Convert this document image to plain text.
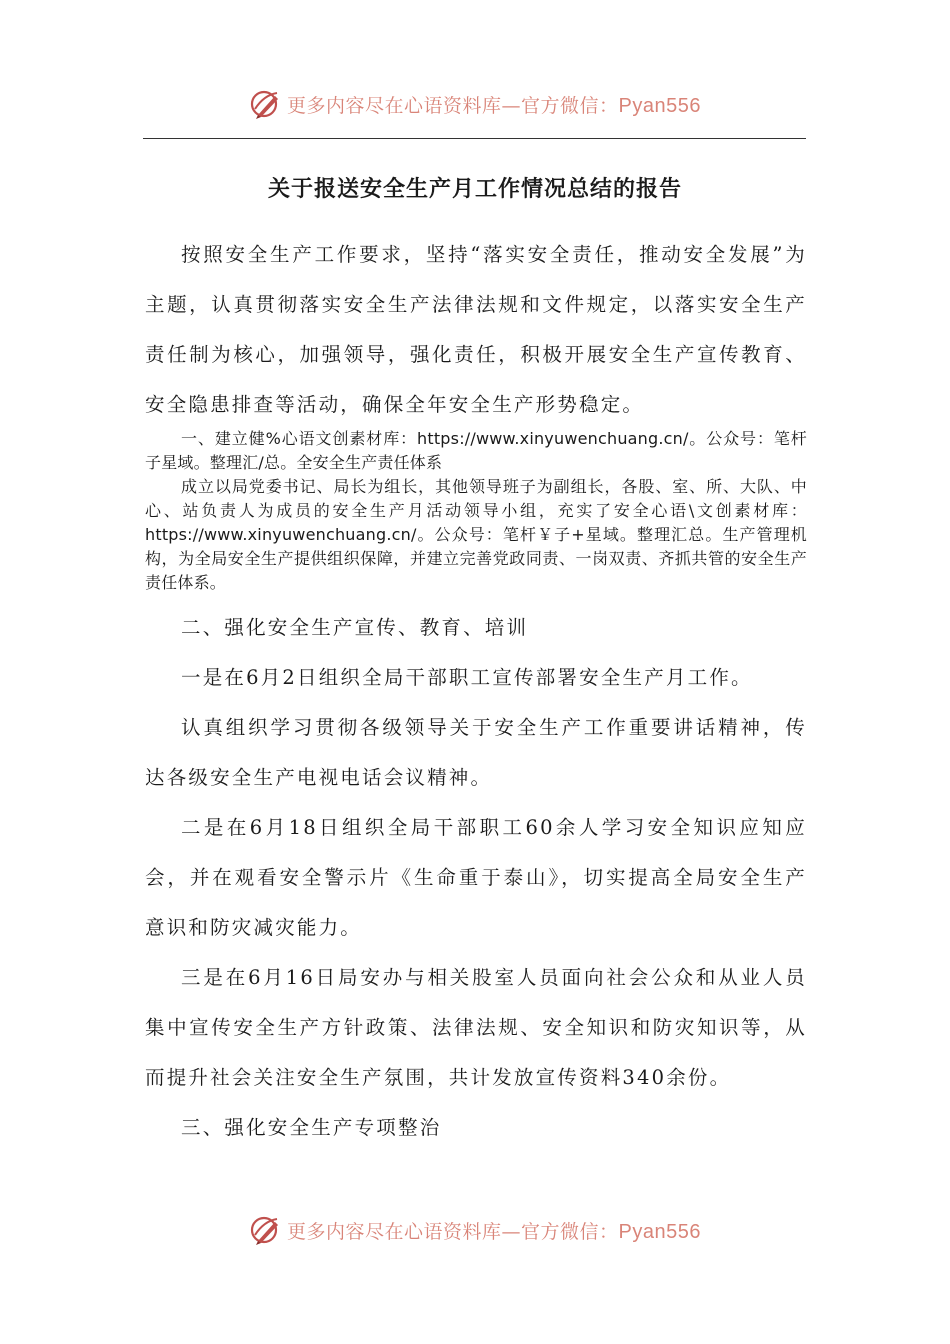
更多内容尽在心语资料库—官方微信：Pyan556
关于报送安全生产月工作情况总结的报告

按照安全生产工作要求，坚持“落实安全责任，推动安全发展”为主题，认真贯彻落实安全生产法律法规和文件规定，以落实安全生产责任制为核心，加强领导，强化责任，积极开展安全生产宣传教育、安全隐患排查等活动，确保全年安全生产形势稳定。

一、建立健%心语文创素材库：https://www.xinyuwenchuang.cn/。公众号：笔杆子星域。整理汇/总。全安全生产责任体系

成立以局党委书记、局长为组长，其他领导班子为副组长，各股、室、所、大队、中心、站负责人为成员的安全生产月活动领导小组，充实了安全心语\文创素材库：https://www.xinyuwenchuang.cn/。公众号：笔杆￥子+星域。整理汇总。生产管理机构，为全局安全生产提供组织保障，并建立完善党政同责、一岗双责、齐抓共管的安全生产责任体系。

二、强化安全生产宣传、教育、培训

一是在6月2日组织全局干部职工宣传部署安全生产月工作。

认真组织学习贯彻各级领导关于安全生产工作重要讲话精神，传达各级安全生产电视电话会议精神。

二是在6月18日组织全局干部职工60余人学习安全知识应知应会，并在观看安全警示片《生命重于泰山》，切实提高全局安全生产意识和防灾减灾能力。

三是在6月16日局安办与相关股室人员面向社会公众和从业人员集中宣传安全生产方针政策、法律法规、安全知识和防灾知识等，从而提升社会关注安全生产氛围，共计发放宣传资料340余份。

三、强化安全生产专项整治

更多内容尽在心语资料库—官方微信：Pyan556
